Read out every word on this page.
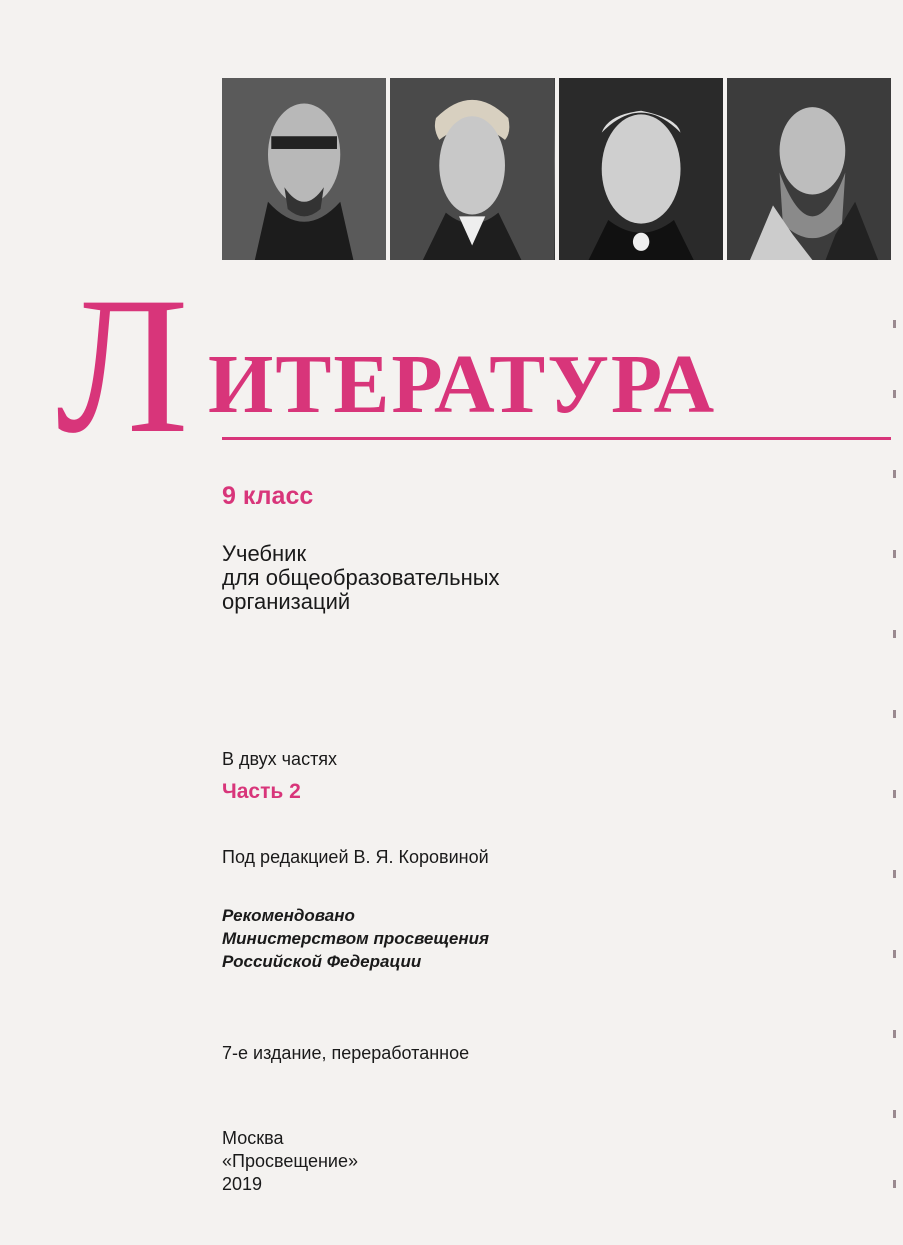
Л ИТЕРАТУРА
9 класс
Учебник
для общеобразовательных
организаций
В двух частях
Часть 2
Под редакцией В. Я. Коровиной
Рекомендовано
Министерством просвещения
Российской Федерации
7-е издание, переработанное
Москва
«Просвещение»
2019
